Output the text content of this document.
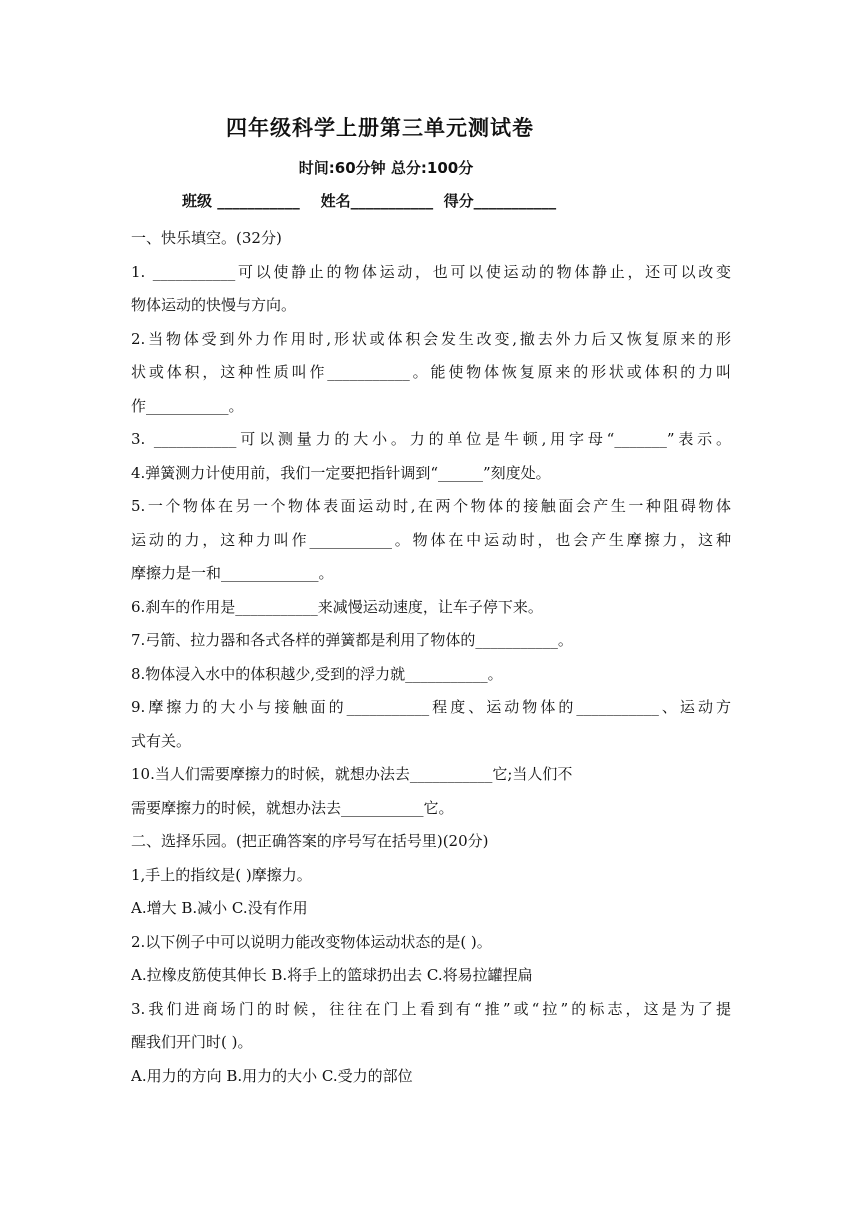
四年级科学上册第三单元测试卷
时间:60分钟 总分:100分
班级 ___________    姓名___________  得分___________
一、快乐填空。(32分)
1. ___________可以使静止的物体运动，也可以使运动的物体静止，还可以改变
物体运动的快慢与方向。
2.当物体受到外力作用时,形状或体积会发生改变,撤去外力后又恢复原来的形
状或体积，这种性质叫作___________。能使物体恢复原来的形状或体积的力叫
作___________。
3. ___________可以测量力的大小。力的单位是牛顿,用字母“_______”表示。
4.弹簧测力计使用前，我们一定要把指针调到“______”刻度处。
5.一个物体在另一个物体表面运动时,在两个物体的接触面会产生一种阻碍物体
运动的力，这种力叫作___________。物体在中运动时，也会产生摩擦力，这种
摩擦力是一和_____________。
6.刹车的作用是___________来减慢运动速度，让车子停下来。
7.弓箭、拉力器和各式各样的弹簧都是利用了物体的___________。
8.物体浸入水中的体积越少,受到的浮力就___________。
9.摩擦力的大小与接触面的___________程度、运动物体的___________、运动方
式有关。
10.当人们需要摩擦力的时候，就想办法去___________它;当人们不
需要摩擦力的时候，就想办法去___________它。
二、选择乐园。(把正确答案的序号写在括号里)(20分)
1,手上的指纹是( )摩擦力。
A.增大 B.减小 C.没有作用
2.以下例子中可以说明力能改变物体运动状态的是( )。
A.拉橡皮筋使其伸长 B.将手上的篮球扔出去 C.将易拉罐捏扁
3.我们进商场门的时候，往往在门上看到有“推”或“拉”的标志，这是为了提
醒我们开门时( )。
A.用力的方向 B.用力的大小 C.受力的部位
